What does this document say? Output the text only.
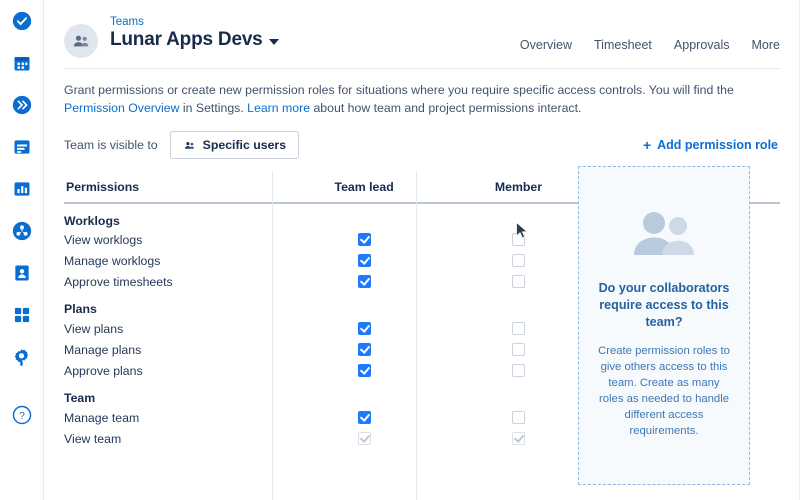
?
Teams
Lunar Apps Devs	Overview Timesheet Approvals More
Grant permissions or create new permission roles for situations where you require specific access controls. You will find the Permission Overview in Settings. Learn more about how team and project permissions interact.
Team is visible to	Specific users	+ Add permission role
Permissions	Team lead	Member	
Worklogs			
View worklogs			
Manage worklogs			
Approve timesheets			
Plans			
View plans			
Manage plans			
Approve plans			
Team			
Manage team			
View team			
Do your collaborators require access to this team?
Create permission roles to give others access to this team. Create as many roles as needed to handle different access requirements.
